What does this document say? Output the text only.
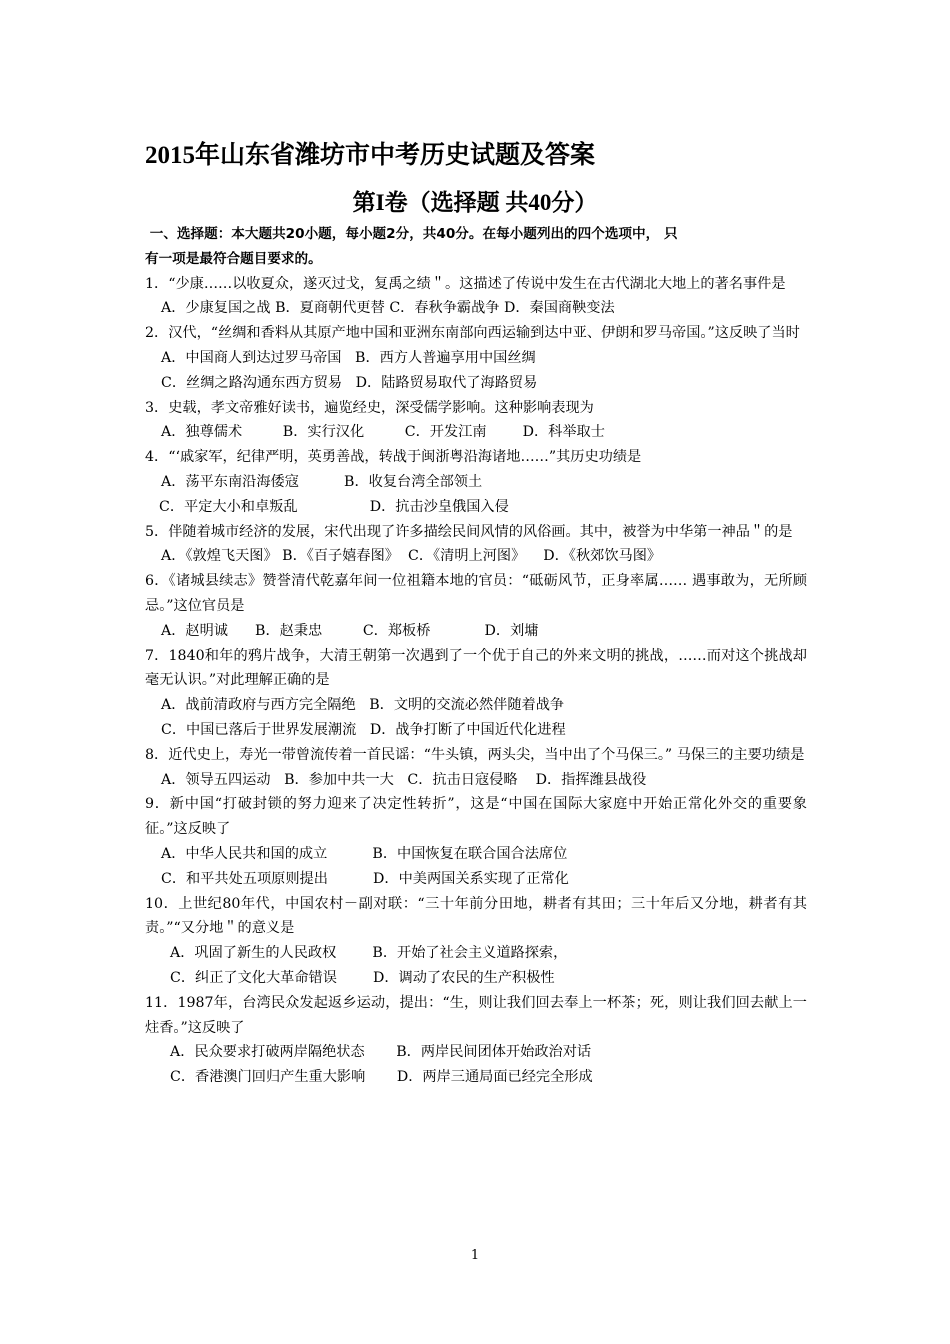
2015年山东省潍坊市中考历史试题及答案
第I卷（选择题 共40分）
一、选择题：本大题共20小题，每小题2分，共40分。在每小题列出的四个选项中， 只
有一项是最符合题目要求的。
1．“少康……以收夏众，遂灭过戈，复禹之绩＂。这描述了传说中发生在古代湖北大地上的著名事件是
A．少康复国之战 B．夏商朝代更替 C．春秋争霸战争 D．秦国商鞅变法
2．汉代，“丝绸和香料从其原产地中国和亚洲东南部向西运输到达中亚、伊朗和罗马帝国。”这反映了当时
A．中国商人到达过罗马帝国   B．西方人普遍享用中国丝绸
C．丝绸之路沟通东西方贸易   D．陆路贸易取代了海路贸易
3．史载，孝文帝雅好读书，遍览经史，深受儒学影响。这种影响表现为
A．独尊儒术         B．实行汉化         C．开发江南        D．科举取士
4．“‘戚家军，纪律严明，英勇善战，转战于闽浙粤沿海诸地……”其历史功绩是
A．荡平东南沿海倭寇          B．收复台湾全部领土
C．平定大小和卓叛乱                D．抗击沙皇俄国入侵
5．伴随着城市经济的发展，宋代出现了许多描绘民间风情的风俗画。其中，被誉为中华第一神品＂的是
A．《敦煌飞天图》 B．《百子嬉春图》  C．《清明上河图》    D．《秋郊饮马图》
6．《诸城县续志》赞誉清代乾嘉年间一位祖籍本地的官员：“砥砺风节，正身率属…… 遇事敢为，无所顾忌。”这位官员是
A．赵明诚      B．赵秉忠         C．郑板桥            D．刘墉
7．1840和年的鸦片战争，大清王朝第一次遇到了一个优于自己的外来文明的挑战，……而对这个挑战却毫无认识。”对此理解正确的是
A．战前清政府与西方完全隔绝   B．文明的交流必然伴随着战争
C．中国已落后于世界发展潮流   D．战争打断了中国近代化进程
8．近代史上，寿光一带曾流传着一首民谣：“牛头镇，两头尖，当中出了个马保三。” 马保三的主要功绩是
A．领导五四运动   B．参加中共一大   C．抗击日寇侵略    D．指挥潍县战役
9．新中国“打破封锁的努力迎来了决定性转折”，这是“中国在国际大家庭中开始正常化外交的重要象征。”这反映了
A．中华人民共和国的成立          B．中国恢复在联合国合法席位
C．和平共处五项原则提出          D．中美两国关系实现了正常化
10．上世纪80年代，中国农村－副对联：“三十年前分田地，耕者有其田；三十年后又分地，耕者有其责。”“又分地＂的意义是
A．巩固了新生的人民政权        B．开始了社会主义道路探索，
C．纠正了文化大革命错误        D．调动了农民的生产积极性
11．1987年，台湾民众发起返乡运动，提出：“生，则让我们回去奉上一杯茶；死，则让我们回去献上一炷香。”这反映了
A．民众要求打破两岸隔绝状态       B．两岸民间团体开始政治对话
C．香港澳门回归产生重大影响       D．两岸三通局面已经完全形成
1
